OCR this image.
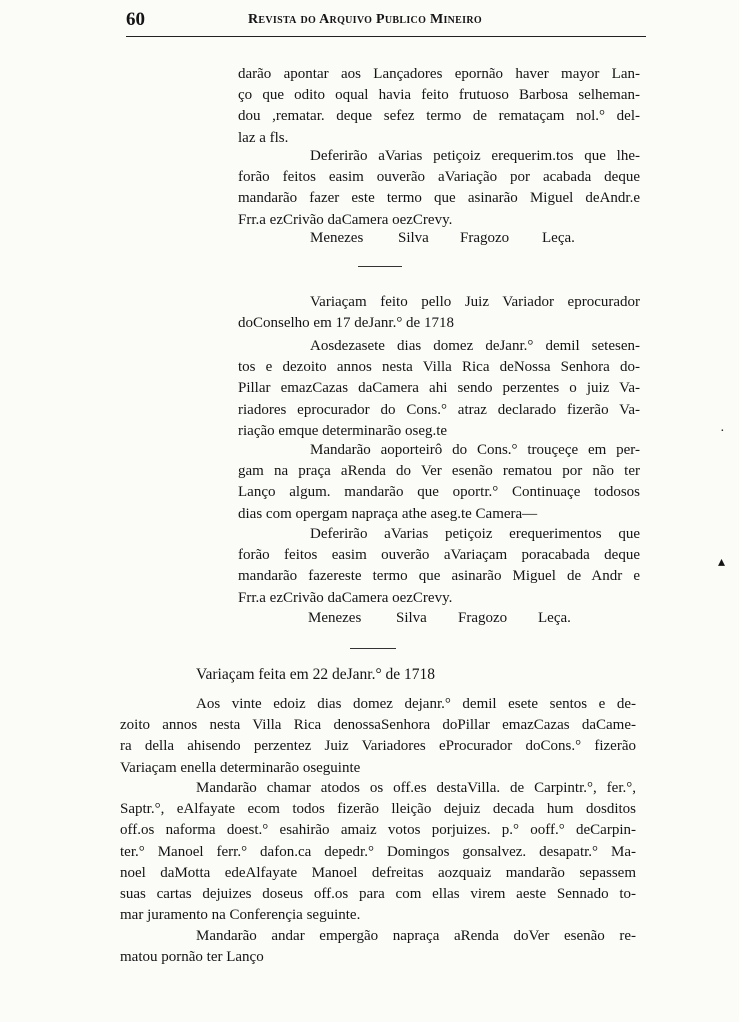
60	Revista do Arquivo Publico Mineiro
darão apontar aos Lançadores epornão haver mayor Lan-
ço que odito oqual havia feito frutuoso Barbosa selheman-
dou ,rematar. deque sefez termo de remataçam nol.° del-
laz a fls.
Deferirão aVarias petiçoiz erequerim.tos que lhe-
forão feitos easim ouverão aVariação por acabada deque
mandarão fazer este termo que asinarão Miguel deAndr.e
Frr.a ezCrivão daCamera oezCrevy.
Menezes Silva Fragozo Leça.
Variaçam feito pello Juiz Variador eprocurador
doConselho em 17 deJanr.° de 1718
Aosdezasete dias domez deJanr.° demil setesen-
tos e dezoito annos nesta Villa Rica deNossa Senhora do-
Pillar emazCazas daCamera ahi sendo perzentes o juiz Va-
riadores eprocurador do Cons.° atraz declarado fizerão Va-
riação emque determinarão oseg.te
Mandarão aoporteirô do Cons.° trouçeçe em per-
gam na praça aRenda do Ver esenão rematou por não ter
Lanço algum. mandarão que oportr.° Continuaçe todosos
dias com opergam napraça athe aseg.te Camera—
Deferirão aVarias petiçoiz erequerimentos que
forão feitos easim ouverão aVariaçam poracabada deque
mandarão fazereste termo que asinarão Miguel de Andr e
Frr.a ezCrivão daCamera oezCrevy.
Menezes Silva Fragozo Leça.
Variaçam feita em 22 deJanr.° de 1718
Aos vinte edoiz dias domez dejanr.° demil esete sentos e de-
zoito annos nesta Villa Rica denossaSenhora doPillar emazCazas daCame-
ra della ahisendo perzentez Juiz Variadores eProcurador doCons.° fizerão
Variaçam enella determinarão oseguinte
Mandarão chamar atodos os off.es destaVilla. de Carpintr.°, fer.°,
Saptr.°, eAlfayate ecom todos fizerão lleição dejuiz decada hum dosditos
off.os naforma doest.° esahirão amaiz votos porjuizes. p.° ooff.° deCarpin-
ter.° Manoel ferr.° dafon.ca depedr.° Domingos gonsalvez. desapatr.° Ma-
noel daMotta edeAlfayate Manoel defreitas aozquaiz mandarão sepassem
suas cartas dejuizes doseus off.os para com ellas virem aeste Sennado to-
mar juramento na Conferençia seguinte.
Mandarão andar empergão napraça aRenda doVer esenão re-
matou pornão ter Lanço
·
▴
